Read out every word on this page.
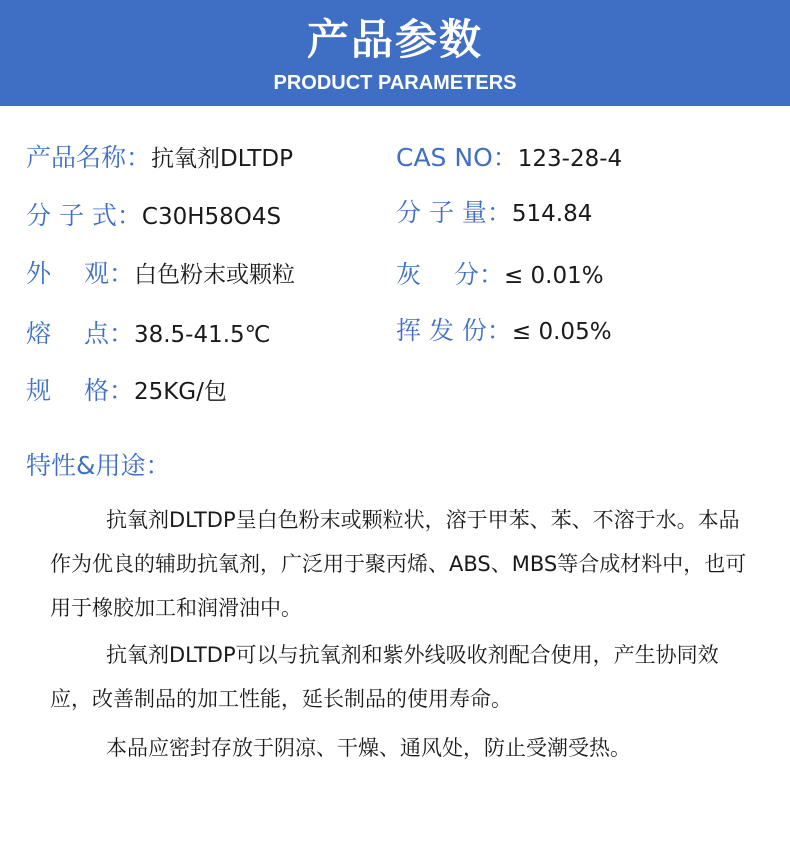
产品参数
PRODUCT PARAMETERS
产品名称：抗氧剂DLTDP
分 子 式：C30H58O4S
外　 观：白色粉末或颗粒
熔　 点：38.5-41.5℃
规　 格：25KG/包
CAS NO：123-28-4
分 子 量：514.84
灰　 分：≤ 0.01%
挥 发 份：≤ 0.05%
特性&用途：
抗氧剂DLTDP呈白色粉末或颗粒状，溶于甲苯、苯、不溶于水。本品作为优良的辅助抗氧剂，广泛用于聚丙烯、ABS、MBS等合成材料中，也可用于橡胶加工和润滑油中。
抗氧剂DLTDP可以与抗氧剂和紫外线吸收剂配合使用，产生协同效应，改善制品的加工性能，延长制品的使用寿命。
本品应密封存放于阴凉、干燥、通风处，防止受潮受热。
